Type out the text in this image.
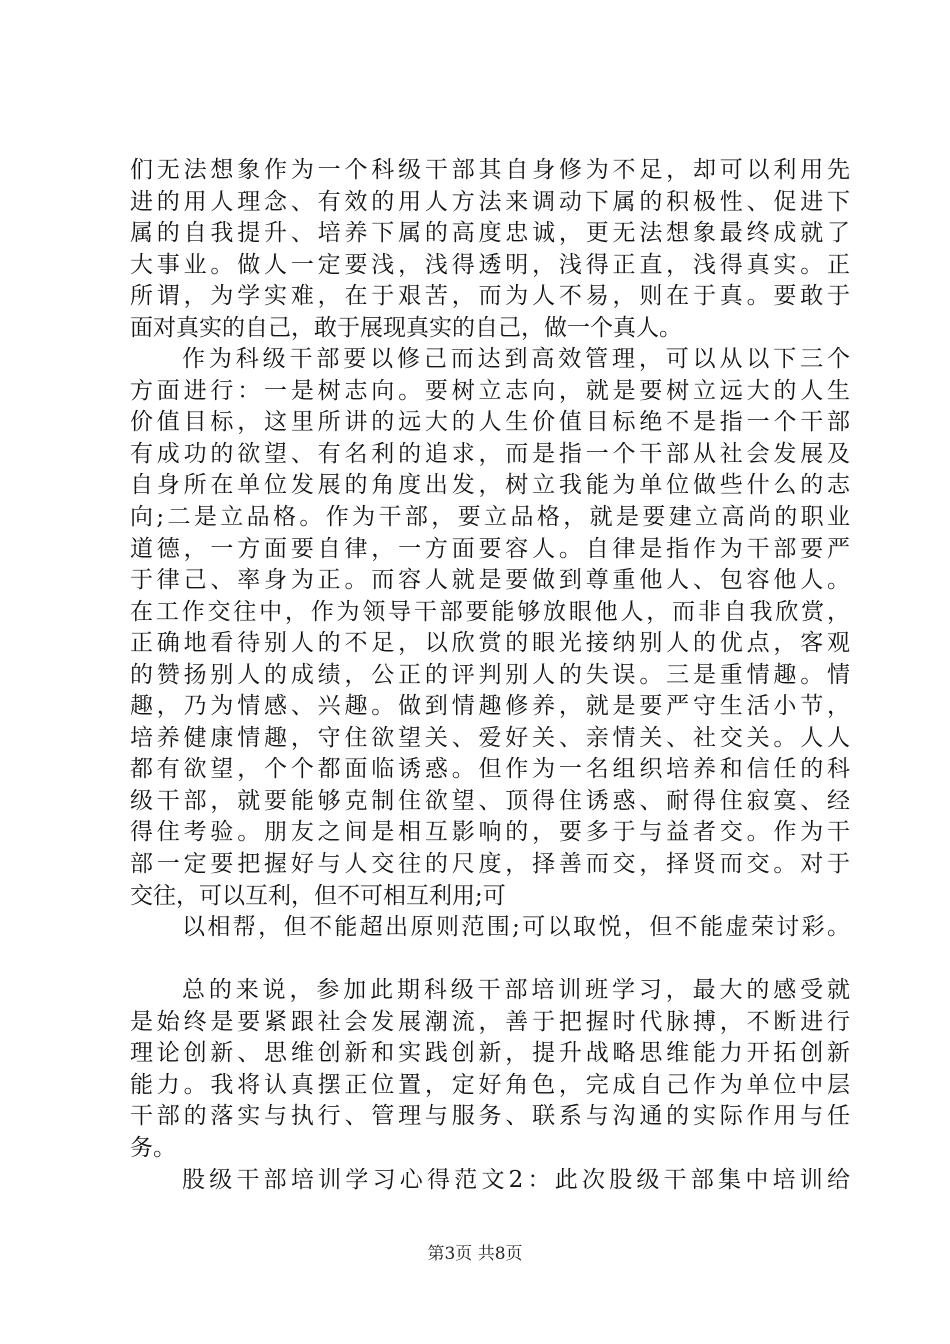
们无法想象作为一个科级干部其自身修为不足，却可以利用先
进的用人理念、有效的用人方法来调动下属的积极性、促进下
属的自我提升、培养下属的高度忠诚，更无法想象最终成就了
大事业。做人一定要浅，浅得透明，浅得正直，浅得真实。正
所谓，为学实难，在于艰苦，而为人不易，则在于真。要敢于
面对真实的自己，敢于展现真实的自己，做一个真人。
作为科级干部要以修己而达到高效管理，可以从以下三个
方面进行：一是树志向。要树立志向，就是要树立远大的人生
价值目标，这里所讲的远大的人生价值目标绝不是指一个干部
有成功的欲望、有名利的追求，而是指一个干部从社会发展及
自身所在单位发展的角度出发，树立我能为单位做些什么的志
向;二是立品格。作为干部，要立品格，就是要建立高尚的职业
道德，一方面要自律，一方面要容人。自律是指作为干部要严
于律己、率身为正。而容人就是要做到尊重他人、包容他人。
在工作交往中，作为领导干部要能够放眼他人，而非自我欣赏，
正确地看待别人的不足，以欣赏的眼光接纳别人的优点，客观
的赞扬别人的成绩，公正的评判别人的失误。三是重情趣。情
趣，乃为情感、兴趣。做到情趣修养，就是要严守生活小节，
培养健康情趣，守住欲望关、爱好关、亲情关、社交关。人人
都有欲望，个个都面临诱惑。但作为一名组织培养和信任的科
级干部，就要能够克制住欲望、顶得住诱惑、耐得住寂寞、经
得住考验。朋友之间是相互影响的，要多于与益者交。作为干
部一定要把握好与人交往的尺度，择善而交，择贤而交。对于
交往，可以互利，但不可相互利用;可
以相帮，但不能超出原则范围;可以取悦，但不能虚荣讨彩。
总的来说，参加此期科级干部培训班学习，最大的感受就
是始终是要紧跟社会发展潮流，善于把握时代脉搏，不断进行
理论创新、思维创新和实践创新，提升战略思维能力开拓创新
能力。我将认真摆正位置，定好角色，完成自己作为单位中层
干部的落实与执行、管理与服务、联系与沟通的实际作用与任
务。
股级干部培训学习心得范文2：此次股级干部集中培训给
第3页 共8页
